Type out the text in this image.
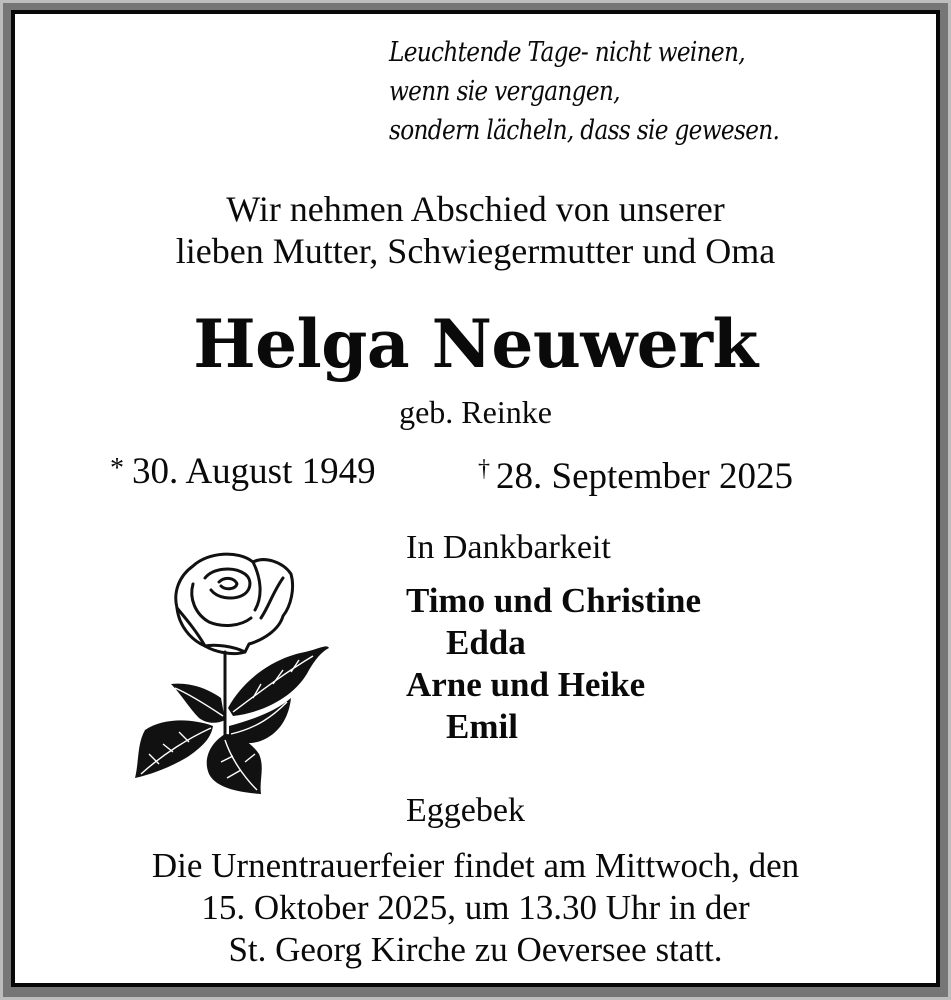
Leuchtende Tage- nicht weinen,
wenn sie vergangen,
sondern lächeln, dass sie gewesen.
Wir nehmen Abschied von unserer
lieben Mutter, Schwiegermutter und Oma
Helga Neuwerk
geb. Reinke
* 30. August 1949	† 28. September 2025
In Dankbarkeit
Timo und Christine
Edda
Arne und Heike
Emil
Eggebek
Die Urnentrauerfeier findet am Mittwoch, den
15. Oktober 2025, um 13.30 Uhr in der
St. Georg Kirche zu Oeversee statt.
